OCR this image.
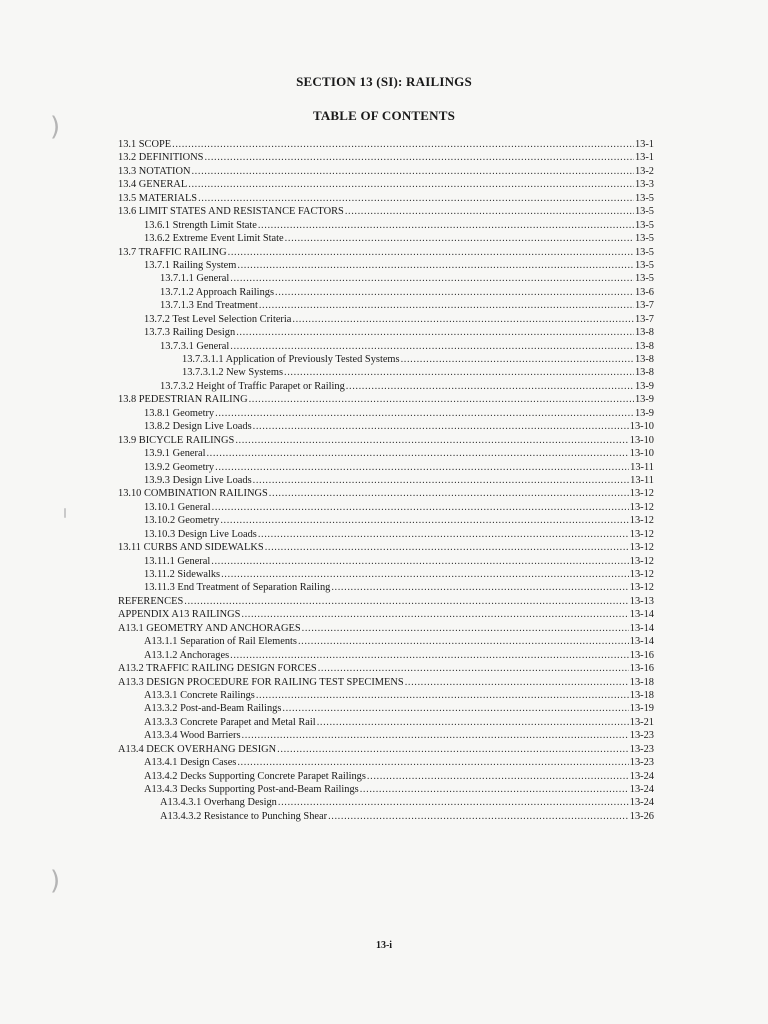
SECTION 13 (SI): RAILINGS
TABLE OF CONTENTS
13.1 SCOPE .....	13-1
13.2 DEFINITIONS .....	13-1
13.3 NOTATION .....	13-2
13.4 GENERAL .....	13-3
13.5 MATERIALS .....	13-5
13.6 LIMIT STATES AND RESISTANCE FACTORS .....	13-5
13.6.1 Strength Limit State .....	13-5
13.6.2 Extreme Event Limit State .....	13-5
13.7 TRAFFIC RAILING .....	13-5
13.7.1 Railing System .....	13-5
13.7.1.1 General .....	13-5
13.7.1.2 Approach Railings .....	13-6
13.7.1.3 End Treatment .....	13-7
13.7.2 Test Level Selection Criteria .....	13-7
13.7.3 Railing Design .....	13-8
13.7.3.1 General .....	13-8
13.7.3.1.1 Application of Previously Tested Systems .....	13-8
13.7.3.1.2 New Systems .....	13-8
13.7.3.2 Height of Traffic Parapet or Railing .....	13-9
13.8 PEDESTRIAN RAILING .....	13-9
13.8.1 Geometry .....	13-9
13.8.2 Design Live Loads .....	13-10
13.9 BICYCLE RAILINGS .....	13-10
13.9.1 General .....	13-10
13.9.2 Geometry .....	13-11
13.9.3 Design Live Loads .....	13-11
13.10 COMBINATION RAILINGS .....	13-12
13.10.1 General .....	13-12
13.10.2 Geometry .....	13-12
13.10.3 Design Live Loads .....	13-12
13.11 CURBS AND SIDEWALKS .....	13-12
13.11.1 General .....	13-12
13.11.2 Sidewalks .....	13-12
13.11.3 End Treatment of Separation Railing .....	13-12
REFERENCES .....	13-13
APPENDIX A13 RAILINGS .....	13-14
A13.1 GEOMETRY AND ANCHORAGES .....	13-14
A13.1.1 Separation of Rail Elements .....	13-14
A13.1.2 Anchorages .....	13-16
A13.2 TRAFFIC RAILING DESIGN FORCES .....	13-16
A13.3 DESIGN PROCEDURE FOR RAILING TEST SPECIMENS .....	13-18
A13.3.1 Concrete Railings .....	13-18
A13.3.2 Post-and-Beam Railings .....	13-19
A13.3.3 Concrete Parapet and Metal Rail .....	13-21
A13.3.4 Wood Barriers .....	13-23
A13.4 DECK OVERHANG DESIGN .....	13-23
A13.4.1 Design Cases .....	13-23
A13.4.2 Decks Supporting Concrete Parapet Railings .....	13-24
A13.4.3 Decks Supporting Post-and-Beam Railings .....	13-24
A13.4.3.1 Overhang Design .....	13-24
A13.4.3.2 Resistance to Punching Shear .....	13-26
13-i
)
)
